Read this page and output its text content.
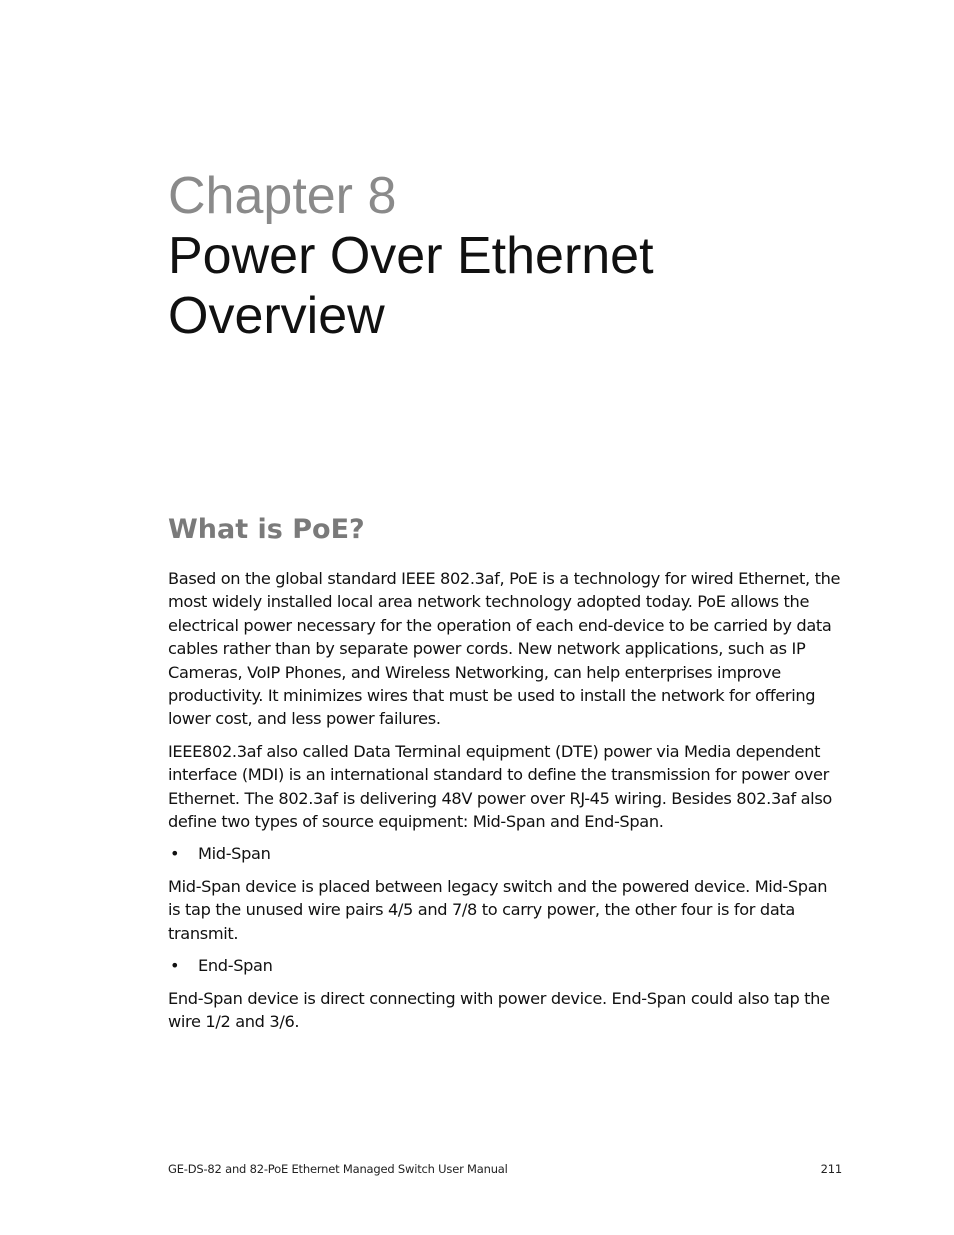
Chapter 8
Power Over Ethernet
Overview
What is PoE?

Based on the global standard IEEE 802.3af, PoE is a technology for wired Ethernet, the most widely installed local area network technology adopted today. PoE allows the electrical power necessary for the operation of each end-device to be carried by data cables rather than by separate power cords. New network applications, such as IP Cameras, VoIP Phones, and Wireless Networking, can help enterprises improve productivity. It minimizes wires that must be used to install the network for offering lower cost, and less power failures.

IEEE802.3af also called Data Terminal equipment (DTE) power via Media dependent interface (MDI) is an international standard to define the transmission for power over Ethernet. The 802.3af is delivering 48V power over RJ-45 wiring. Besides 802.3af also define two types of source equipment: Mid-Span and End-Span.

•	Mid-Span

Mid-Span device is placed between legacy switch and the powered device. Mid-Span is tap the unused wire pairs 4/5 and 7/8 to carry power, the other four is for data transmit.

•	End-Span

End-Span device is direct connecting with power device. End-Span could also tap the wire 1/2 and 3/6.

GE-DS-82 and 82-PoE Ethernet Managed Switch User Manual	211
